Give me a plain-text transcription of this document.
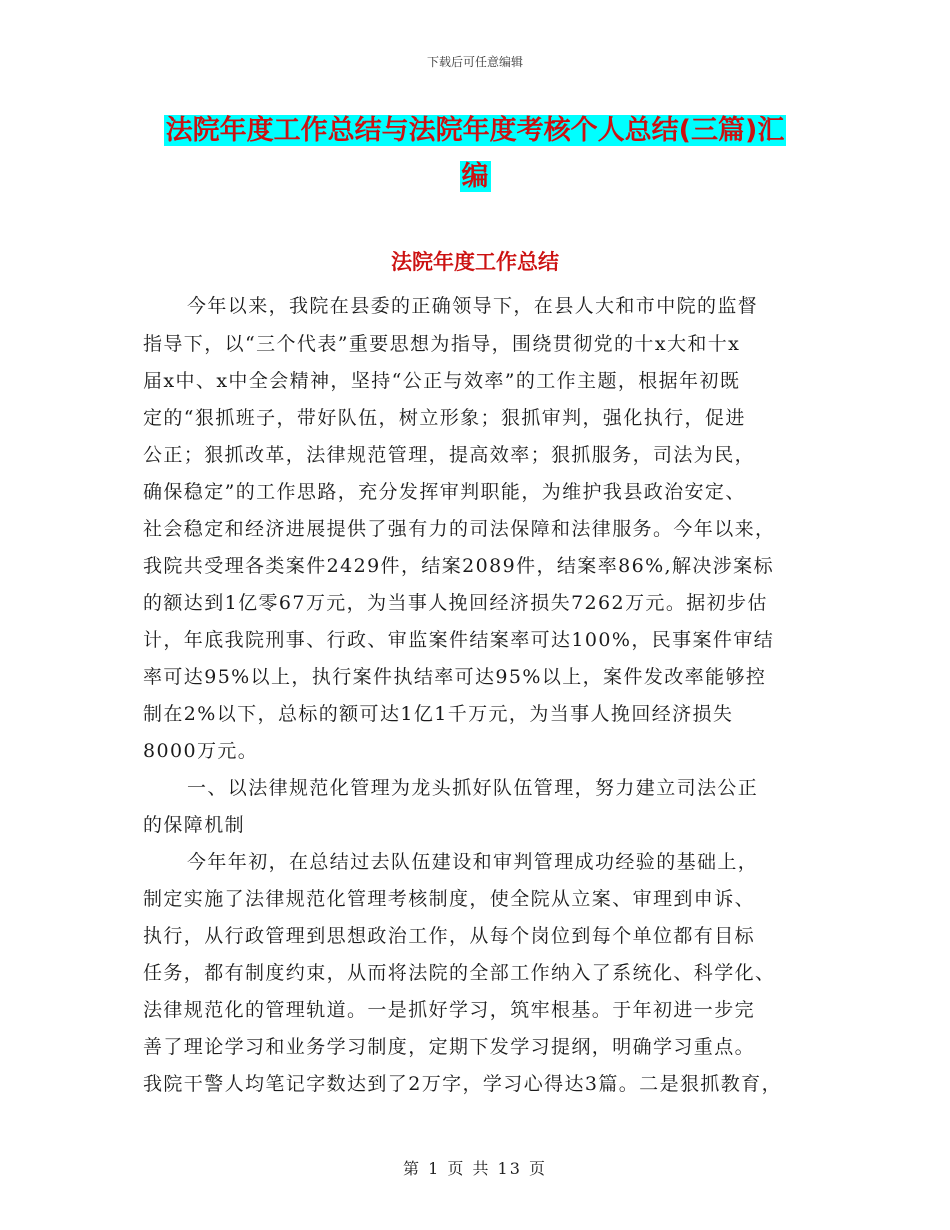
下载后可任意编辑
法院年度工作总结与法院年度考核个人总结(三篇)汇
编
法院年度工作总结
今年以来，我院在县委的正确领导下，在县人大和市中院的监督
指导下，以“三个代表”重要思想为指导，围绕贯彻党的十x大和十x
届x中、x中全会精神，坚持“公正与效率”的工作主题，根据年初既
定的“狠抓班子，带好队伍，树立形象；狠抓审判，强化执行，促进
公正；狠抓改革，法律规范管理，提高效率；狠抓服务，司法为民，
确保稳定”的工作思路，充分发挥审判职能，为维护我县政治安定、
社会稳定和经济进展提供了强有力的司法保障和法律服务。今年以来，
我院共受理各类案件2429件，结案2089件，结案率86%,解决涉案标
的额达到1亿零67万元，为当事人挽回经济损失7262万元。据初步估
计，年底我院刑事、行政、审监案件结案率可达100%，民事案件审结
率可达95%以上，执行案件执结率可达95%以上，案件发改率能够控
制在2%以下，总标的额可达1亿1千万元，为当事人挽回经济损失
8000万元。
一、以法律规范化管理为龙头抓好队伍管理，努力建立司法公正
的保障机制
今年年初，在总结过去队伍建设和审判管理成功经验的基础上，
制定实施了法律规范化管理考核制度，使全院从立案、审理到申诉、
执行，从行政管理到思想政治工作，从每个岗位到每个单位都有目标
任务，都有制度约束，从而将法院的全部工作纳入了系统化、科学化、
法律规范化的管理轨道。一是抓好学习，筑牢根基。于年初进一步完
善了理论学习和业务学习制度，定期下发学习提纲，明确学习重点。
我院干警人均笔记字数达到了2万字，学习心得达3篇。二是狠抓教育，
第 1 页 共 13 页
